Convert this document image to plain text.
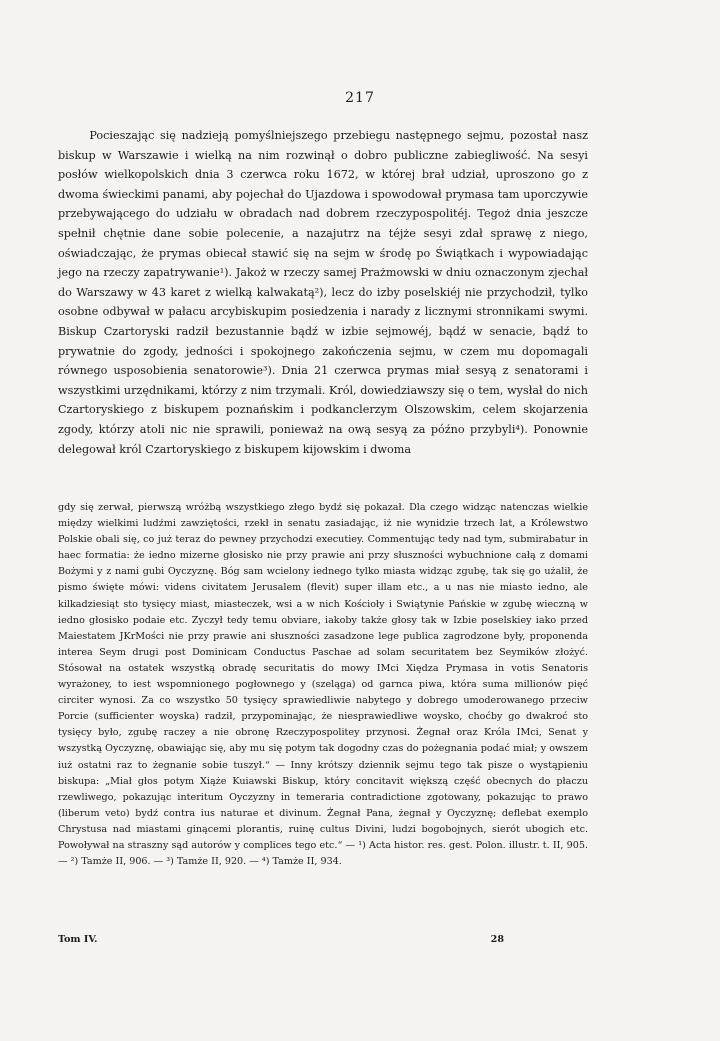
217

Pocieszając się nadzieją pomyślniejszego przebiegu następnego sejmu, pozostał nasz biskup w Warszawie i wielką na nim rozwinął o dobro publiczne zabiegliwość. Na sesyi posłów wielkopolskich dnia 3 czerwca roku 1672, w której brał udział, uproszono go z dwoma świeckimi panami, aby pojechał do Ujazdowa i spowodował prymasa tam uporczywie przebywającego do udziału w obradach nad dobrem rzeczypospolitéj. Tegoż dnia jeszcze spełnił chętnie dane sobie polecenie, a nazajutrz na téjże sesyi zdał sprawę z niego, oświadczając, że prymas obiecał stawić się na sejm w środę po Świątkach i wypowiadając jego na rzeczy zapatrywanie¹). Jakoż w rzeczy samej Prażmowski w dniu oznaczonym zjechał do Warszawy w 43 karet z wielką kalwakatą²), lecz do izby poselskiéj nie przychodził, tylko osobne odbywał w pałacu arcybiskupim posiedzenia i narady z licznymi stronnikami swymi. Biskup Czartoryski radził bezustannie bądź w izbie sejmowéj, bądź w senacie, bądź to prywatnie do zgody, jedności i spokojnego zakończenia sejmu, w czem mu dopomagali równego usposobienia senatorowie³). Dnia 21 czerwca prymas miał sesyą z senatorami i wszystkimi urzędnikami, którzy z nim trzymali. Król, dowiedziawszy się o tem, wysłał do nich Czartoryskiego z biskupem poznańskim i podkanclerzym Olszowskim, celem skojarzenia zgody, którzy atoli nic nie sprawili, ponieważ na ową sesyą za późno przybyli⁴). Ponownie delegował król Czartoryskiego z biskupem kijowskim i dwoma

gdy się zerwał, pierwszą wróżbą wszystkiego złego bydź się pokazał. Dla czego widząc natenczas wielkie między wielkimi ludźmi zawziętości, rzekł in senatu zasiadając, iż nie wynidzie trzech lat, a Królewstwo Polskie obali się, co już teraz do pewney przychodzi executiey. Commentując tedy nad tym, submirabatur in haec formatia: że iedno mizerne głosisko nie przy prawie ani przy słuszności wybuchnione całą z domami Bożymi y z nami gubi Oyczyznę. Bóg sam wcielony iednego tylko miasta widząc zgubę, tak się go użalił, że pismo święte mówi: videns civitatem Jerusalem (flevit) super illam etc., a u nas nie miasto iedno, ale kilkadziesiąt sto tysięcy miast, miasteczek, wsi a w nich Kościoły i Swiątynie Pańskie w zgubę wieczną w iedno głosisko podaie etc. Zyczył tedy temu obviare, iakoby także głosy tak w Izbie poselskiey iako przed Maiestatem JKrMości nie przy prawie ani słuszności zasadzone lege publica zagrodzone były, proponenda interea Seym drugi post Dominicam Conductus Paschae ad solam securitatem bez Seymików złożyć. Stósował na ostatek wszystką obradę securitatis do mowy IMci Xiędza Prymasa in votis Senatoris wyrażoney, to iest wspomnionego pogłownego y (szeląga) od garnca piwa, która suma millionów pięć circiter wynosi. Za co wszystko 50 tysięcy sprawiedliwie nabytego y dobrego umoderowanego przeciw Porcie (sufficienter woyska) radził, przypominając, że niesprawiedliwe woysko, choćby go dwakroć sto tysięcy było, zgubę raczey a nie obronę Rzeczypospolitey przynosi. Żegnał oraz Króla IMci, Senat y wszystką Oyczyznę, obawiając się, aby mu się potym tak dogodny czas do pożegnania podać miał; y owszem iuż ostatni raz to żegnanie sobie tuszył.“ — Inny krótszy dziennik sejmu tego tak pisze o wystąpieniu biskupa: „Miał głos potym Xiąże Kuiawski Biskup, który concitavit większą część obecnych do płaczu rzewliwego, pokazując interitum Oyczyzny in temeraria contradictione zgotowany, pokazując to prawo (liberum veto) bydź contra ius naturae et divinum. Żegnał Pana, żegnał y Oyczyznę; deflebat exemplo Chrystusa nad miastami ginącemi plorantis, ruinę cultus Divini, ludzi bogobojnych, sierót ubogich etc. Powoływał na straszny sąd autorów y complices tego etc.“ — ¹) Acta histor. res. gest. Polon. illustr. t. II, 905. — ²) Tamże II, 906. — ³) Tamże II, 920. — ⁴) Tamże II, 934.

Tom IV.	28
